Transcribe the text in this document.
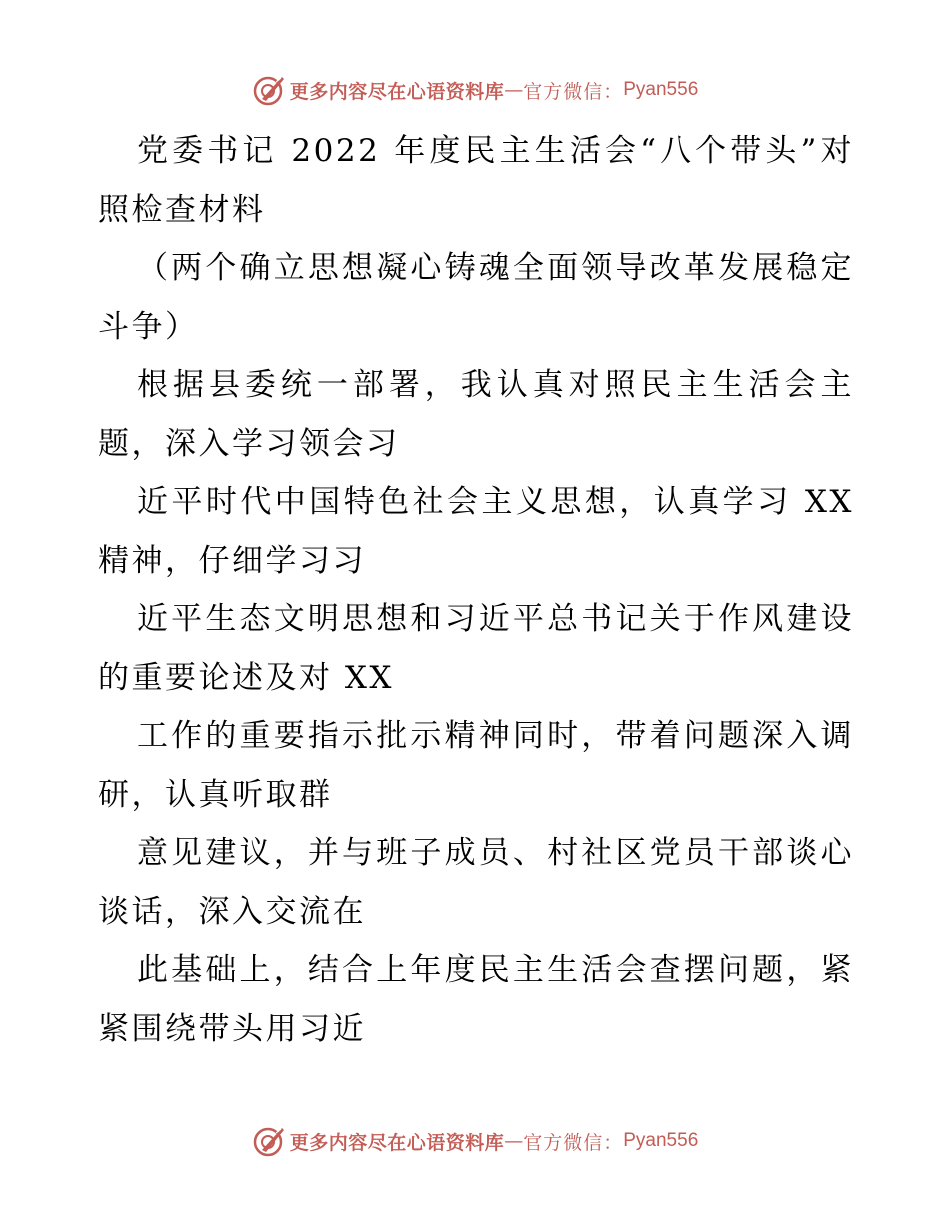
更多内容尽在心语资料库 — 官方微信： Pyan556

党委书记 2022 年度民主生活会“八个带头”对照检查材料

（两个确立思想凝心铸魂全面领导改革发展稳定斗争）

根据县委统一部署，我认真对照民主生活会主题，深入学习领会习

近平时代中国特色社会主义思想，认真学习 XX 精神，仔细学习习

近平生态文明思想和习近平总书记关于作风建设的重要论述及对 XX

工作的重要指示批示精神同时，带着问题深入调研，认真听取群

意见建议，并与班子成员、村社区党员干部谈心谈话，深入交流在

此基础上，结合上年度民主生活会查摆问题，紧紧围绕带头用习近

更多内容尽在心语资料库 — 官方微信： Pyan556
